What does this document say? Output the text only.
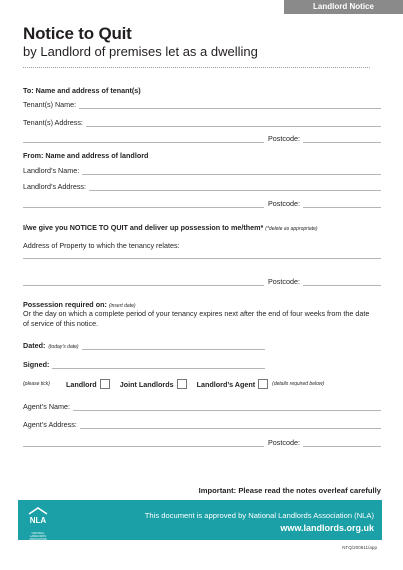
Landlord Notice
Notice to Quit
by Landlord of premises let as a dwelling
To: Name and address of tenant(s)
Tenant(s) Name:
Tenant(s) Address:
Postcode:
From: Name and address of landlord
Landlord’s Name:
Landlord’s Address:
Postcode:
I/we give you NOTICE TO QUIT and deliver up possession to me/them* (*delete as appropriate)
Address of Property to which the tenancy relates:
Postcode:
Possession required on: (insert date)
Or the day on which a complete period of your tenancy expires next after the end of four weeks from the date of service of this notice.
Dated: (today’s date)
Signed:
(please tick) Landlord	Joint Landlords	Landlord’s Agent	(details required below)
Agent’s Name:
Agent’s Address:
Postcode:
Important: Please read the notes overleaf carefully
NLA
NATIONAL LANDLORDS ASSOCIATION
This document is approved by National Landlords Association (NLA)
www.landlords.org.uk
NTQ/200811/app
